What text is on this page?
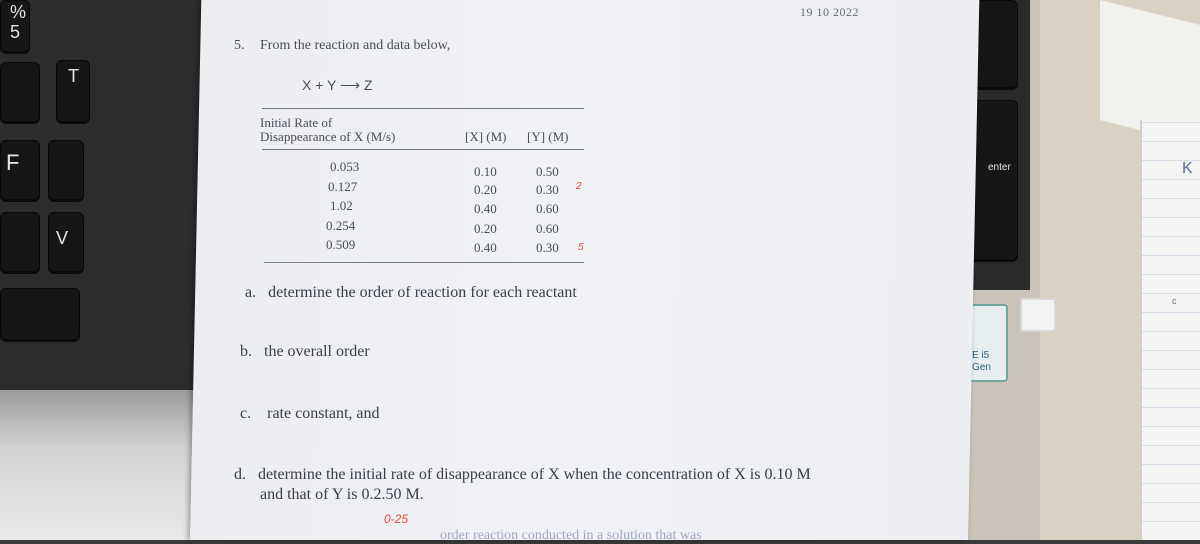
%
5
T
F
V
enter	K
c
E i5
Gen
19 10 2022
5. From the reaction and data below,
X + Y ⟶ Z
Initial Rate of
Disappearance of X (M/s)	[X] (M) [Y] (M)
0.053	0.10	0.50
0.127	0.20	0.30
1.02	0.40	0.60
0.254	0.20	0.60
0.509	0.40	0.30
2
5
a. determine the order of reaction for each reactant
b. the overall order
c. rate constant, and
d. determine the initial rate of disappearance of X when the concentration of X is 0.10 M
and that of Y is 0.2.50 M.
0-25
order reaction conducted in a solution that was
